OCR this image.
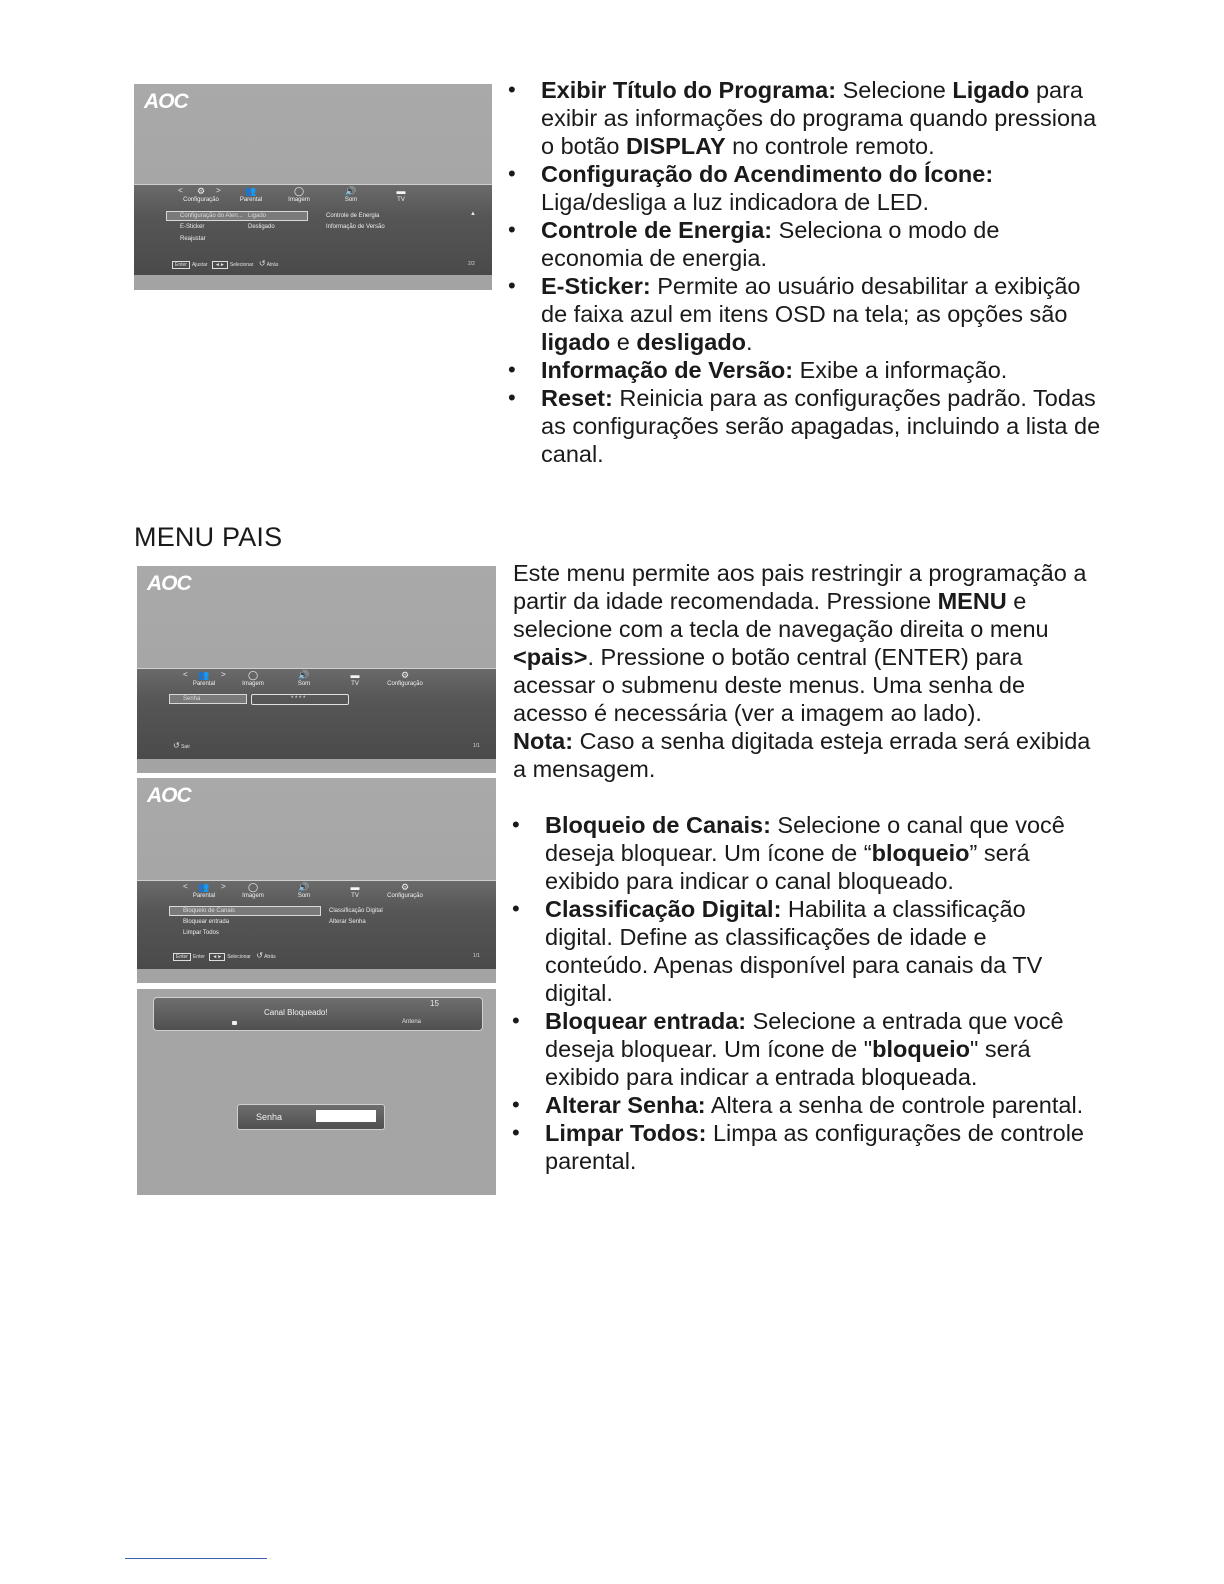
AOC
<	>
⚙
Configuração
👥
Parental
◯
Imagem
🔊
Som
▬
TV
Configuração do Aten...
E-Sticker
Reajustar
Ligado
Desligado
Controle de Energia
Informação de Versão
▲
Enter Ajustar ◄► Selecionar ↺ Atrás	2/2
• Exibir Título do Programa: Selecione Ligado para exibir as informações do programa quando pressiona o botão DISPLAY no controle remoto.
• Configuração do Acendimento do Ícone:
Liga/desliga a luz indicadora de LED.
• Controle de Energia: Seleciona o modo de economia de energia.
• E-Sticker: Permite ao usuário desabilitar a exibição de faixa azul em itens OSD na tela; as opções são ligado e desligado.
• Informação de Versão: Exibe a informação.
• Reset: Reinicia para as configurações padrão. Todas as configurações serão apagadas, incluindo a lista de canal.
MENU PAIS
AOC
<	>
👥
Parental
◯
Imagem
🔊
Som
▬
TV
⚙
Configuração
Senha	* * * *
↺ Sair	1/1
AOC
<	>
👥
Parental
◯
Imagem
🔊
Som
▬
TV
⚙
Configuração
Bloqueio de Canais
Bloquear entrada
Limpar Todos
Classificação Digital
Alterar Senha
Enter Enter ◄► Selecionar ↺ Atrás	1/1
Canal Bloqueado!
15
Antena
Senha
Este menu permite aos pais restringir a programação a partir da idade recomendada. Pressione MENU e selecione com a tecla de navegação direita o menu <pais>. Pressione o botão central (ENTER) para acessar o submenu deste menus. Uma senha de acesso é necessária (ver a imagem ao lado).
Nota: Caso a senha digitada esteja errada será exibida a mensagem.
• Bloqueio de Canais: Selecione o canal que você deseja bloquear. Um ícone de “bloqueio” será exibido para indicar o canal bloqueado.
• Classificação Digital: Habilita a classificação digital. Define as classificações de idade e conteúdo. Apenas disponível para canais da TV digital.
• Bloquear entrada: Selecione a entrada que você deseja bloquear. Um ícone de "bloqueio" será exibido para indicar a entrada bloqueada.
• Alterar Senha: Altera a senha de controle parental.
• Limpar Todos: Limpa as configurações de controle parental.
